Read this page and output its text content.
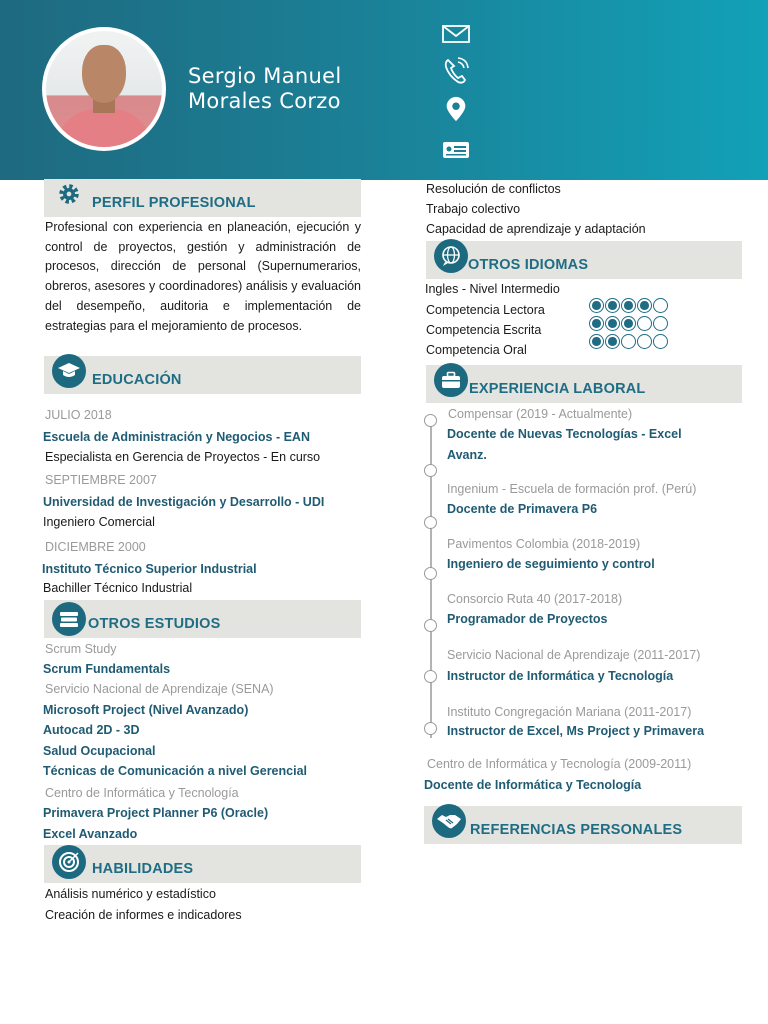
Sergio Manuel
Morales Corzo
PERFIL PROFESIONAL
Profesional con experiencia en planeación, ejecución y control de proyectos, gestión y administración de procesos, dirección de personal (Supernumerarios, obreros, asesores y coordinadores) análisis y evaluación del desempeño, auditoria e implementación de estrategias para el mejoramiento de procesos.
EDUCACIÓN
JULIO 2018
Escuela de Administración y Negocios - EAN
Especialista en Gerencia de Proyectos - En curso
SEPTIEMBRE 2007
Universidad de Investigación y Desarrollo - UDI
Ingeniero Comercial
DICIEMBRE 2000
Instituto Técnico Superior Industrial
Bachiller Técnico Industrial
OTROS ESTUDIOS
Scrum Study
Scrum Fundamentals
Servicio Nacional de Aprendizaje (SENA)
Microsoft Project (Nivel Avanzado)
Autocad 2D - 3D
Salud Ocupacional
Técnicas de Comunicación a nivel Gerencial
Centro de Informática y Tecnología
Primavera Project Planner P6 (Oracle)
Excel Avanzado
HABILIDADES
Análisis numérico y estadístico
Creación de informes e indicadores
Resolución de conflictos
Trabajo colectivo
Capacidad de aprendizaje y adaptación
OTROS IDIOMAS
Ingles - Nivel Intermedio
Competencia Lectora
Competencia Escrita
Competencia Oral
EXPERIENCIA LABORAL
Compensar (2019 - Actualmente)
Docente de Nuevas Tecnologías - Excel
Avanz.
Ingenium - Escuela de formación prof. (Perú)
Docente de Primavera P6
Pavimentos Colombia (2018-2019)
Ingeniero de seguimiento y control
Consorcio Ruta 40 (2017-2018)
Programador de Proyectos
Servicio Nacional de Aprendizaje (2011-2017)
Instructor de Informática y Tecnología
Instituto Congregación Mariana (2011-2017)
Instructor de Excel, Ms Project y Primavera
Centro de Informática y Tecnología (2009-2011)
Docente de Informática y Tecnología
REFERENCIAS PERSONALES
